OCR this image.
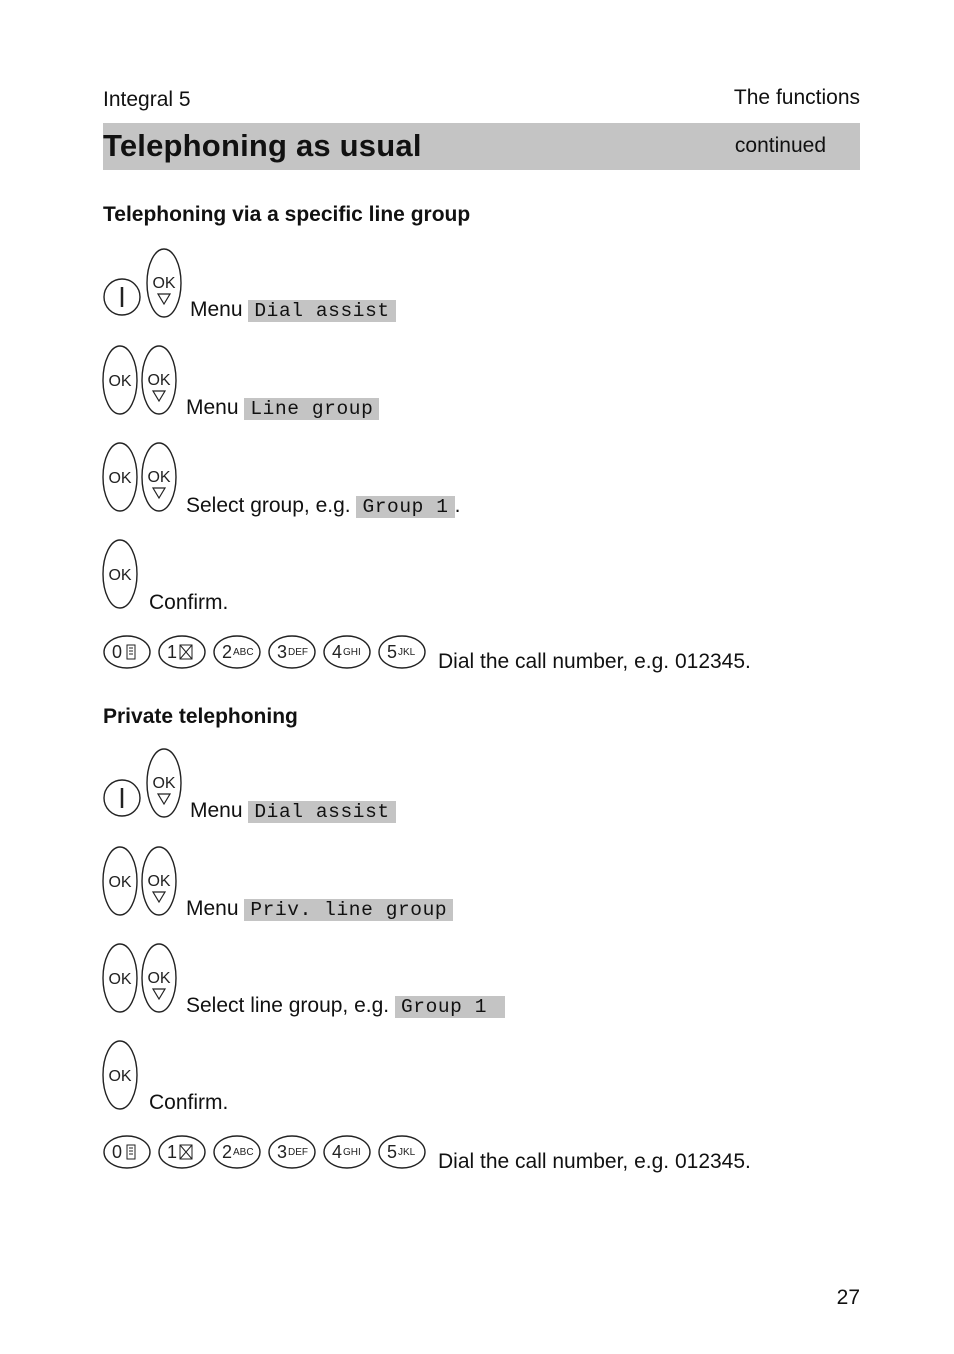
Integral 5	The functions
Telephoning as usual	continued
Telephoning via a specific line group
OK
Menu Dial assist
OK OK
Menu Line group
OK OK
Select group, e.g. Group 1 .
OK
Confirm.
0 1 2 ABC 3 DEF 4 GHI 5 JKL Dial the call number, e.g. 012345.
Private telephoning
OK
Menu Dial assist
OK OK
Menu Priv. line group
OK OK
Select line group, e.g. Group 1
OK
Confirm.
0 1 2 ABC 3 DEF 4 GHI 5 JKL Dial the call number, e.g. 012345.
27
